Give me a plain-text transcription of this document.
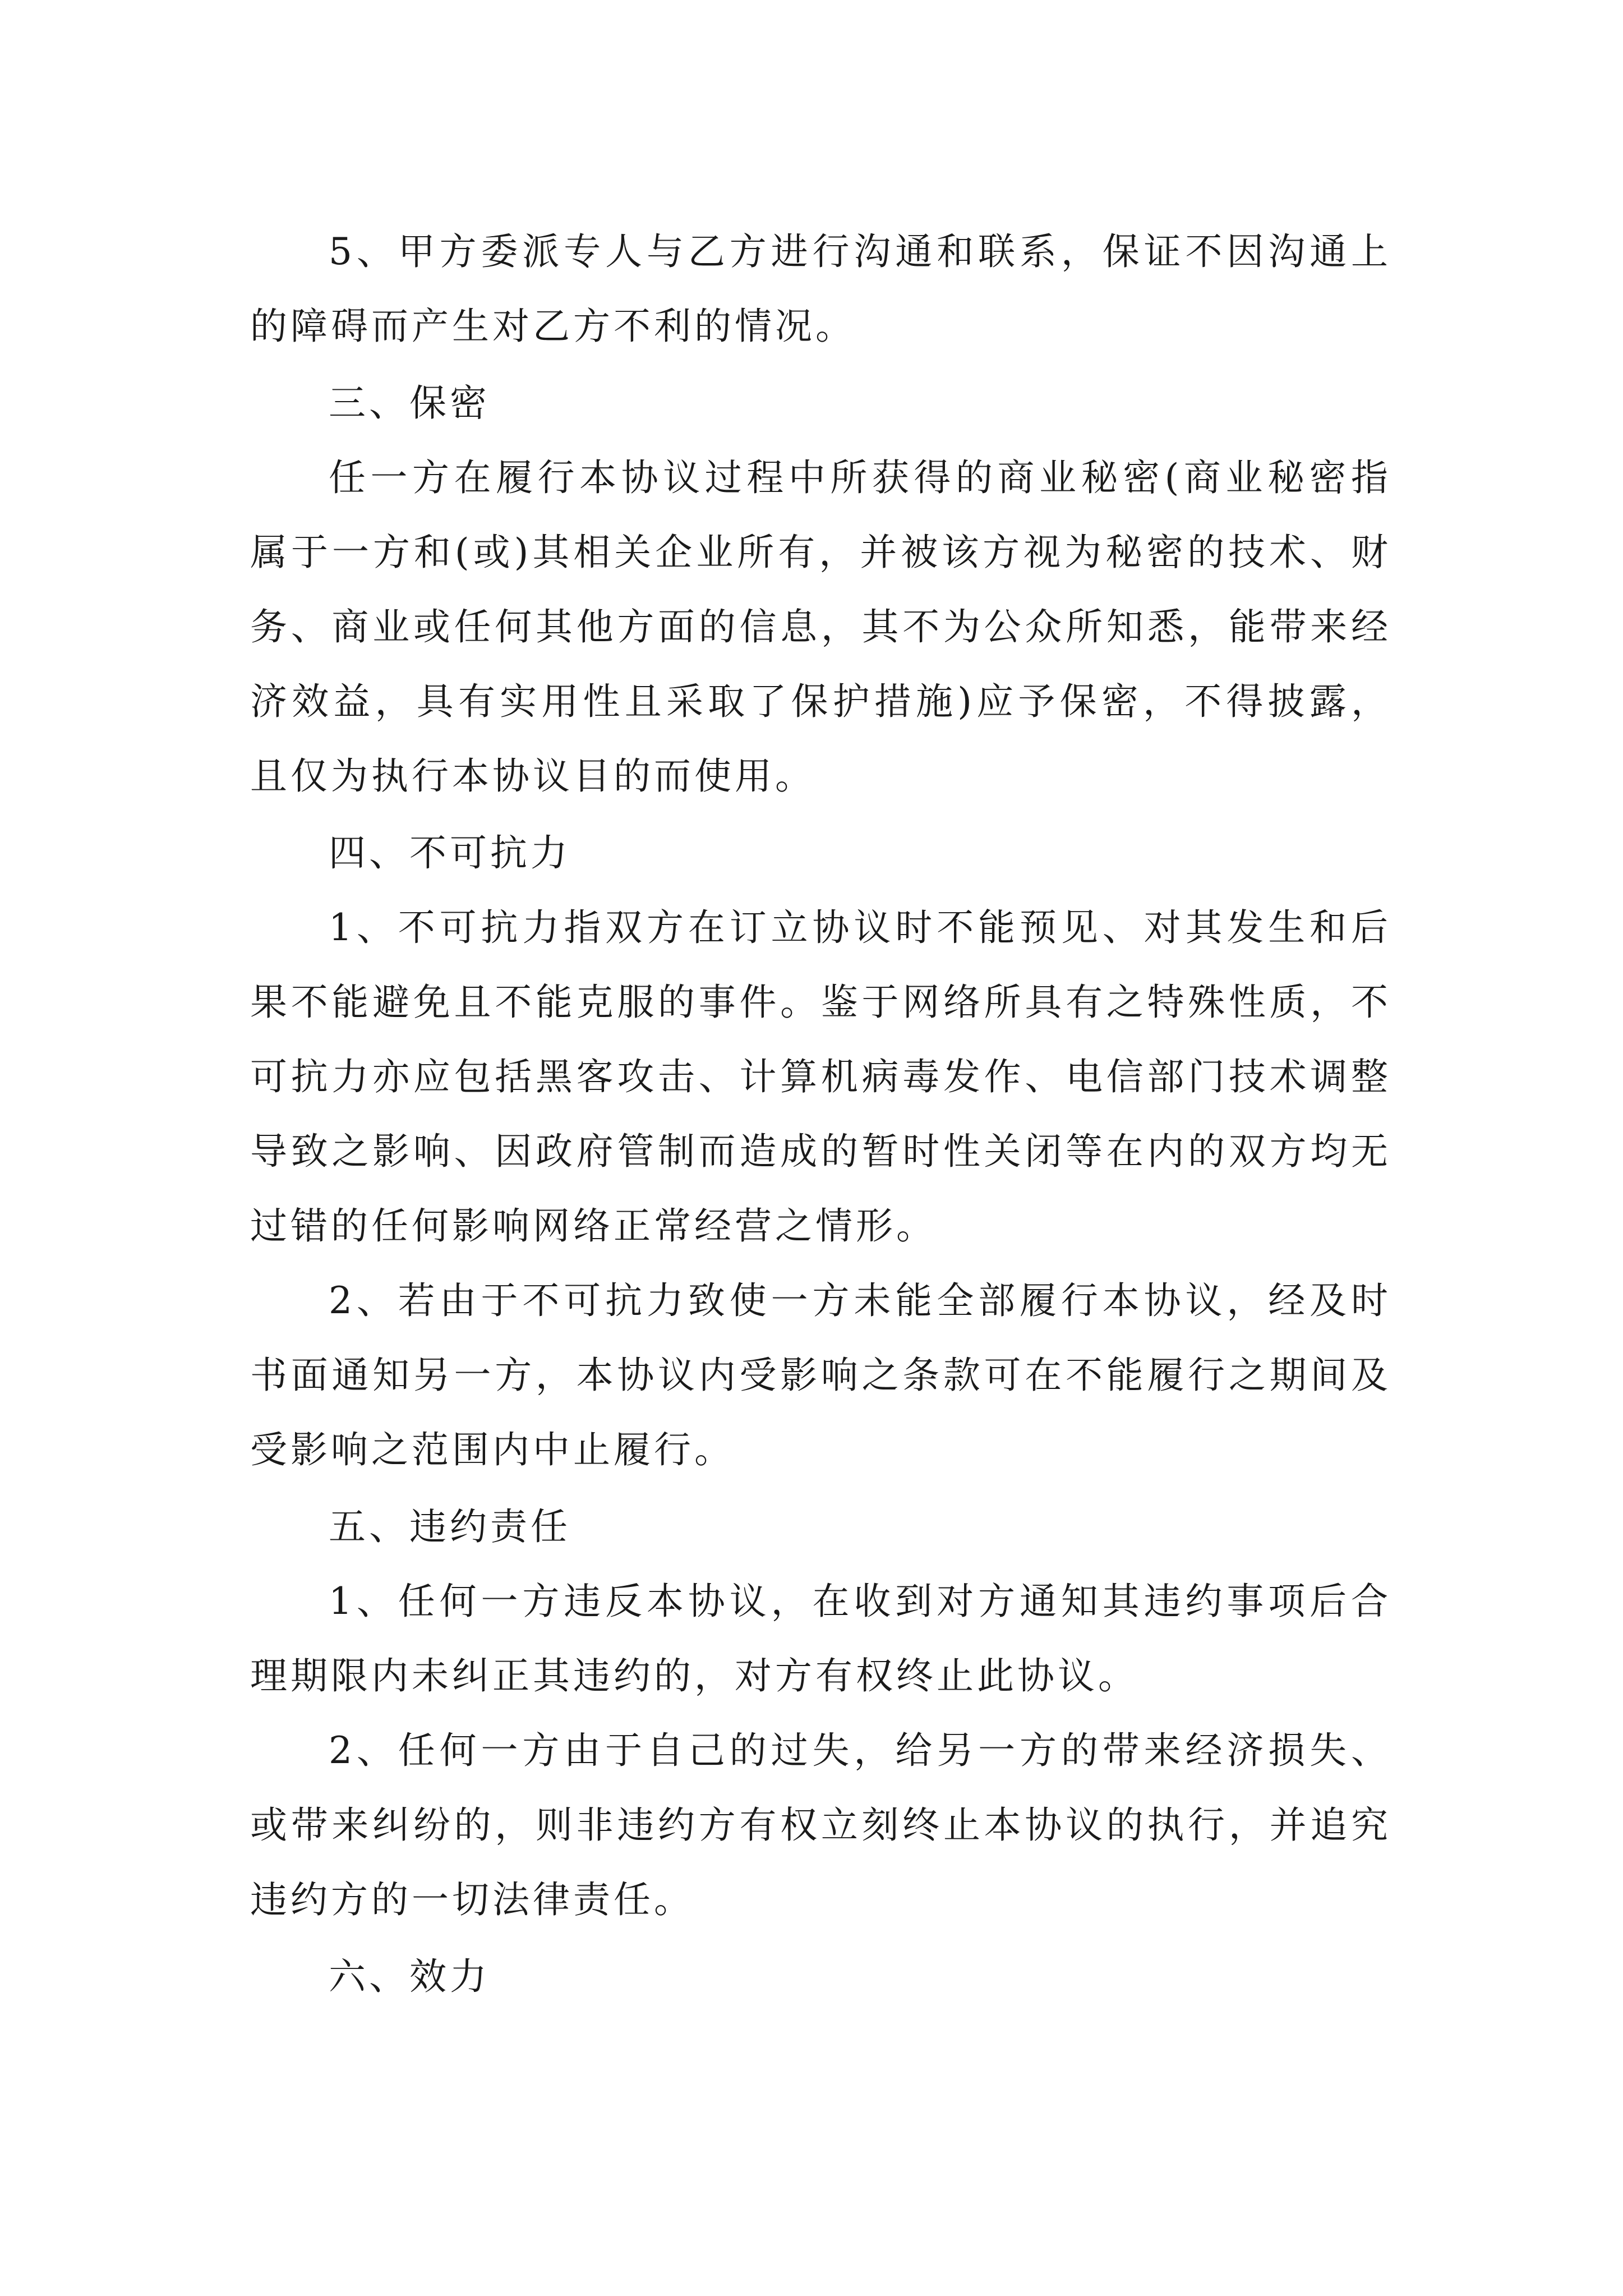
5、甲方委派专人与乙方进行沟通和联系，保证不因沟通上的障碍而产生对乙方不利的情况。

三、保密

任一方在履行本协议过程中所获得的商业秘密(商业秘密指属于一方和(或)其相关企业所有，并被该方视为秘密的技术、财务、商业或任何其他方面的信息，其不为公众所知悉，能带来经济效益，具有实用性且采取了保护措施)应予保密，不得披露，且仅为执行本协议目的而使用。

四、不可抗力

1、不可抗力指双方在订立协议时不能预见、对其发生和后果不能避免且不能克服的事件。鉴于网络所具有之特殊性质，不可抗力亦应包括黑客攻击、计算机病毒发作、电信部门技术调整导致之影响、因政府管制而造成的暂时性关闭等在内的双方均无过错的任何影响网络正常经营之情形。

2、若由于不可抗力致使一方未能全部履行本协议，经及时书面通知另一方，本协议内受影响之条款可在不能履行之期间及受影响之范围内中止履行。

五、违约责任

1、任何一方违反本协议，在收到对方通知其违约事项后合理期限内未纠正其违约的，对方有权终止此协议。

2、任何一方由于自己的过失，给另一方的带来经济损失、或带来纠纷的，则非违约方有权立刻终止本协议的执行，并追究违约方的一切法律责任。

六、效力
